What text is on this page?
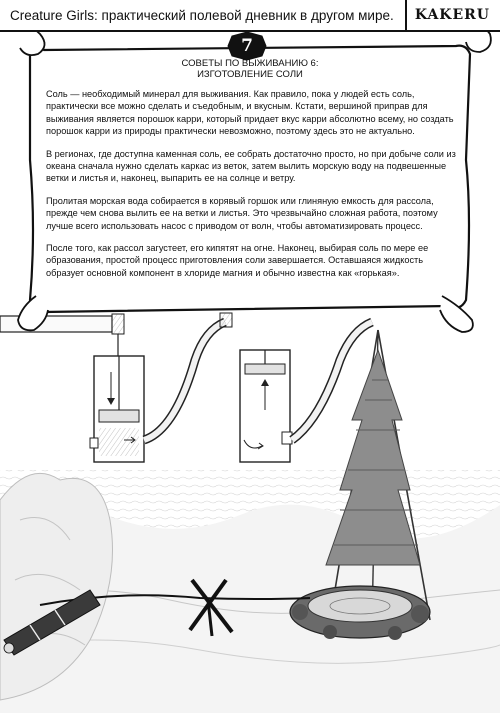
Creature Girls: практический полевой дневник в другом мире.	KAKERU
7
СОВЕТЫ ПО ВЫЖИВАНИЮ 6:
ИЗГОТОВЛЕНИЕ СОЛИ

Соль — необходимый минерал для выживания. Как правило, пока у людей есть соль, практически все можно сделать и съедобным, и вкусным. Кстати, вершиной приправ для выживания является порошок карри, который придает вкус карри абсолютно всему, но создать порошок карри из природы практически невозможно, поэтому здесь это не актуально.

В регионах, где доступна каменная соль, ее собрать достаточно просто, но при добыче соли из океана сначала нужно сделать каркас из веток, затем вылить морскую воду на подвешенные ветки и листья и, наконец, выпарить ее на солнце и ветру.

Пролитая морская вода собирается в корявый горшок или глиняную емкость для рассола, прежде чем снова вылить ее на ветки и листья. Это чрезвычайно сложная работа, поэтому лучше всего использовать насос с приводом от волн, чтобы автоматизировать процесс.

После того, как рассол загустеет, его кипятят на огне. Наконец, выбирая соль по мере ее образования, простой процесс приготовления соли завершается. Оставшаяся жидкость образует основной компонент в хлориде магния и обычно известна как «горькая».
